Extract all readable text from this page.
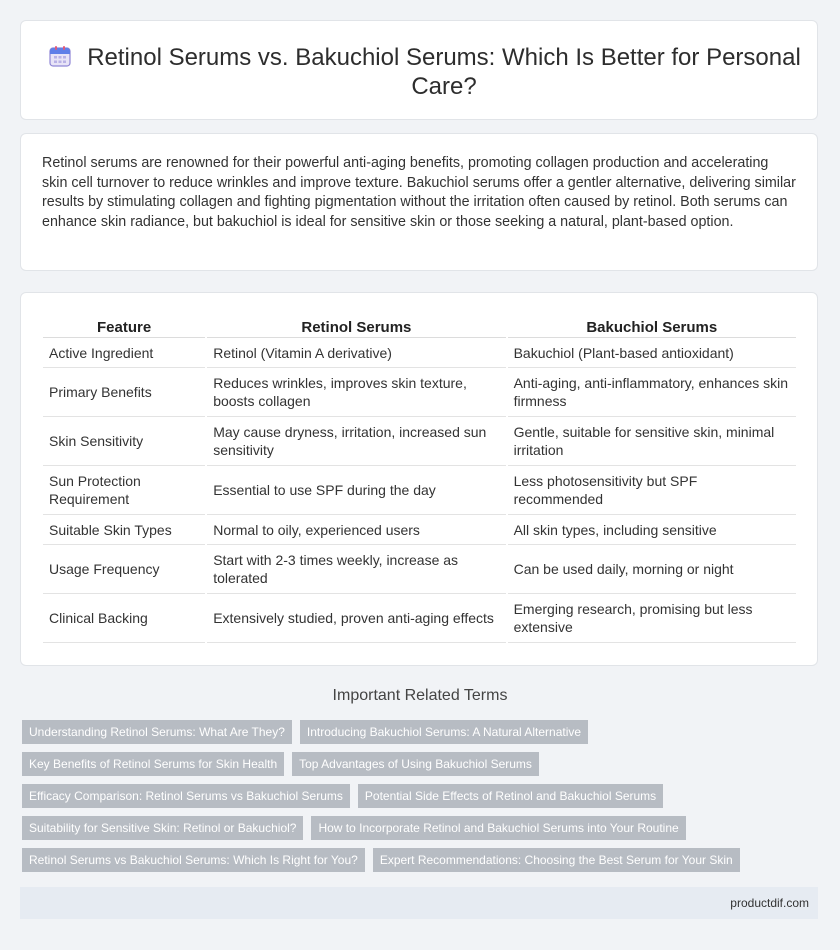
Retinol Serums vs. Bakuchiol Serums: Which Is Better for Personal Care?

Retinol serums are renowned for their powerful anti-aging benefits, promoting collagen production and accelerating skin cell turnover to reduce wrinkles and improve texture. Bakuchiol serums offer a gentler alternative, delivering similar results by stimulating collagen and fighting pigmentation without the irritation often caused by retinol. Both serums can enhance skin radiance, but bakuchiol is ideal for sensitive skin or those seeking a natural, plant-based option.

Feature	Retinol Serums	Bakuchiol Serums
Active Ingredient	Retinol (Vitamin A derivative)	Bakuchiol (Plant-based antioxidant)
Primary Benefits	Reduces wrinkles, improves skin texture, boosts collagen	Anti-aging, anti-inflammatory, enhances skin firmness
Skin Sensitivity	May cause dryness, irritation, increased sun sensitivity	Gentle, suitable for sensitive skin, minimal irritation
Sun Protection Requirement	Essential to use SPF during the day	Less photosensitivity but SPF recommended
Suitable Skin Types	Normal to oily, experienced users	All skin types, including sensitive
Usage Frequency	Start with 2-3 times weekly, increase as tolerated	Can be used daily, morning or night
Clinical Backing	Extensively studied, proven anti-aging effects	Emerging research, promising but less extensive
Important Related Terms
Understanding Retinol Serums: What Are They?	Introducing Bakuchiol Serums: A Natural Alternative
Key Benefits of Retinol Serums for Skin Health	Top Advantages of Using Bakuchiol Serums
Efficacy Comparison: Retinol Serums vs Bakuchiol Serums	Potential Side Effects of Retinol and Bakuchiol Serums
Suitability for Sensitive Skin: Retinol or Bakuchiol?	How to Incorporate Retinol and Bakuchiol Serums into Your Routine
Retinol Serums vs Bakuchiol Serums: Which Is Right for You?	Expert Recommendations: Choosing the Best Serum for Your Skin
productdif.com
